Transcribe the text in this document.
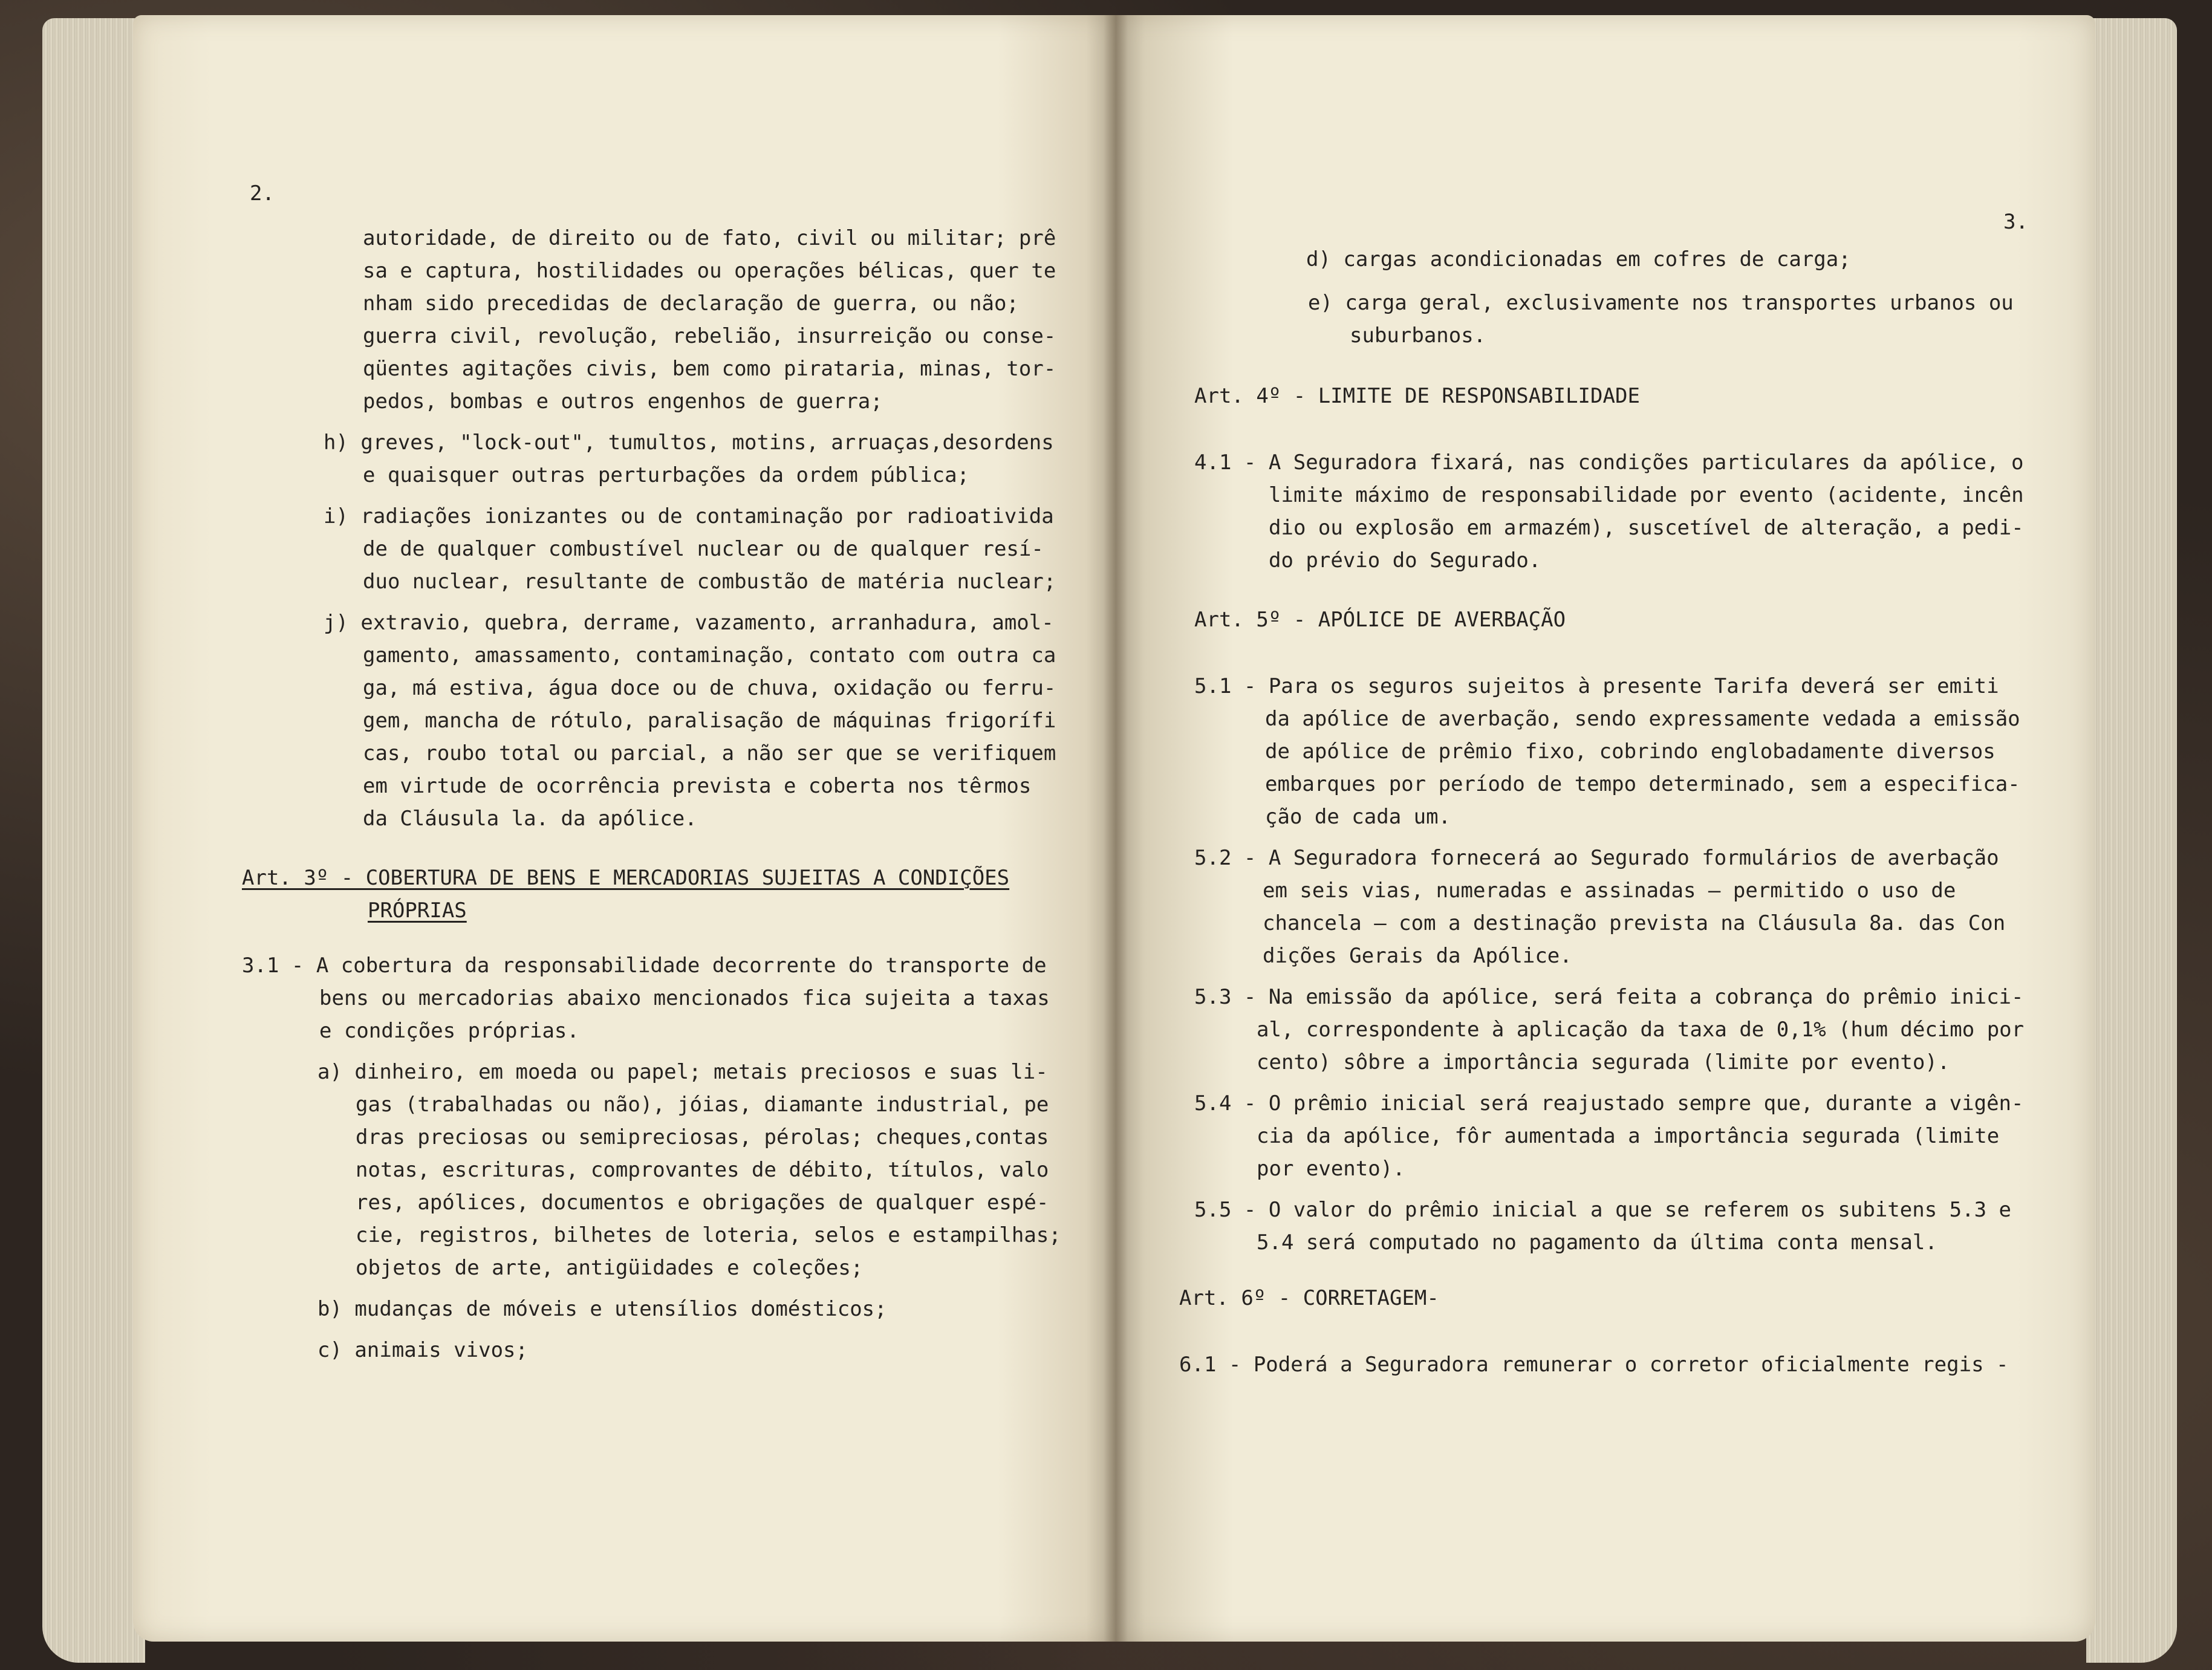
2.

autoridade, de direito ou de fato, civil ou militar; prê

sa e captura, hostilidades ou operações bélicas, quer te

nham sido precedidas de declaração de guerra, ou não;

guerra civil, revolução, rebelião, insurreição ou conse-

qüentes agitações civis, bem como pirataria, minas, tor-

pedos, bombas e outros engenhos de guerra;

h) greves, "lock-out", tumultos, motins, arruaças,desordens

e quaisquer outras perturbações da ordem pública;

i) radiações ionizantes ou de contaminação por radioativida

de de qualquer combustível nuclear ou de qualquer resí-

duo nuclear, resultante de combustão de matéria nuclear;

j) extravio, quebra, derrame, vazamento, arranhadura, amol-

gamento, amassamento, contaminação, contato com outra ca

ga, má estiva, água doce ou de chuva, oxidação ou ferru-

gem, mancha de rótulo, paralisação de máquinas frigorífi

cas, roubo total ou parcial, a não ser que se verifiquem

em virtude de ocorrência prevista e coberta nos têrmos

da Cláusula la. da apólice.

Art. 3º - COBERTURA DE BENS E MERCADORIAS SUJEITAS A CONDIÇÕES

PRÓPRIAS

3.1 - A cobertura da responsabilidade decorrente do transporte de

bens ou mercadorias abaixo mencionados fica sujeita a taxas

e condições próprias.

a) dinheiro, em moeda ou papel; metais preciosos e suas li-

gas (trabalhadas ou não), jóias, diamante industrial, pe

dras preciosas ou semipreciosas, pérolas; cheques,contas

notas, escrituras, comprovantes de débito, títulos, valo

res, apólices, documentos e obrigações de qualquer espé-

cie, registros, bilhetes de loteria, selos e estampilhas;

objetos de arte, antigüidades e coleções;

b) mudanças de móveis e utensílios domésticos;

c) animais vivos;

3.

d) cargas acondicionadas em cofres de carga;

e) carga geral, exclusivamente nos transportes urbanos ou

suburbanos.

Art. 4º - LIMITE DE RESPONSABILIDADE

4.1 - A Seguradora fixará, nas condições particulares da apólice, o

limite máximo de responsabilidade por evento (acidente, incên

dio ou explosão em armazém), suscetível de alteração, a pedi-

do prévio do Segurado.

Art. 5º - APÓLICE DE AVERBAÇÃO

5.1 - Para os seguros sujeitos à presente Tarifa deverá ser emiti

da apólice de averbação, sendo expressamente vedada a emissão

de apólice de prêmio fixo, cobrindo englobadamente diversos

embarques por período de tempo determinado, sem a especifica-

ção de cada um.

5.2 - A Seguradora fornecerá ao Segurado formulários de averbação

em seis vias, numeradas e assinadas — permitido o uso de

chancela — com a destinação prevista na Cláusula 8a. das Con

dições Gerais da Apólice.

5.3 - Na emissão da apólice, será feita a cobrança do prêmio inici-

al, correspondente à aplicação da taxa de 0,1% (hum décimo por

cento) sôbre a importância segurada (limite por evento).

5.4 - O prêmio inicial será reajustado sempre que, durante a vigên-

cia da apólice, fôr aumentada a importância segurada (limite

por evento).

5.5 - O valor do prêmio inicial a que se referem os subitens 5.3 e

5.4 será computado no pagamento da última conta mensal.

Art. 6º - CORRETAGEM-

6.1 - Poderá a Seguradora remunerar o corretor oficialmente regis -
